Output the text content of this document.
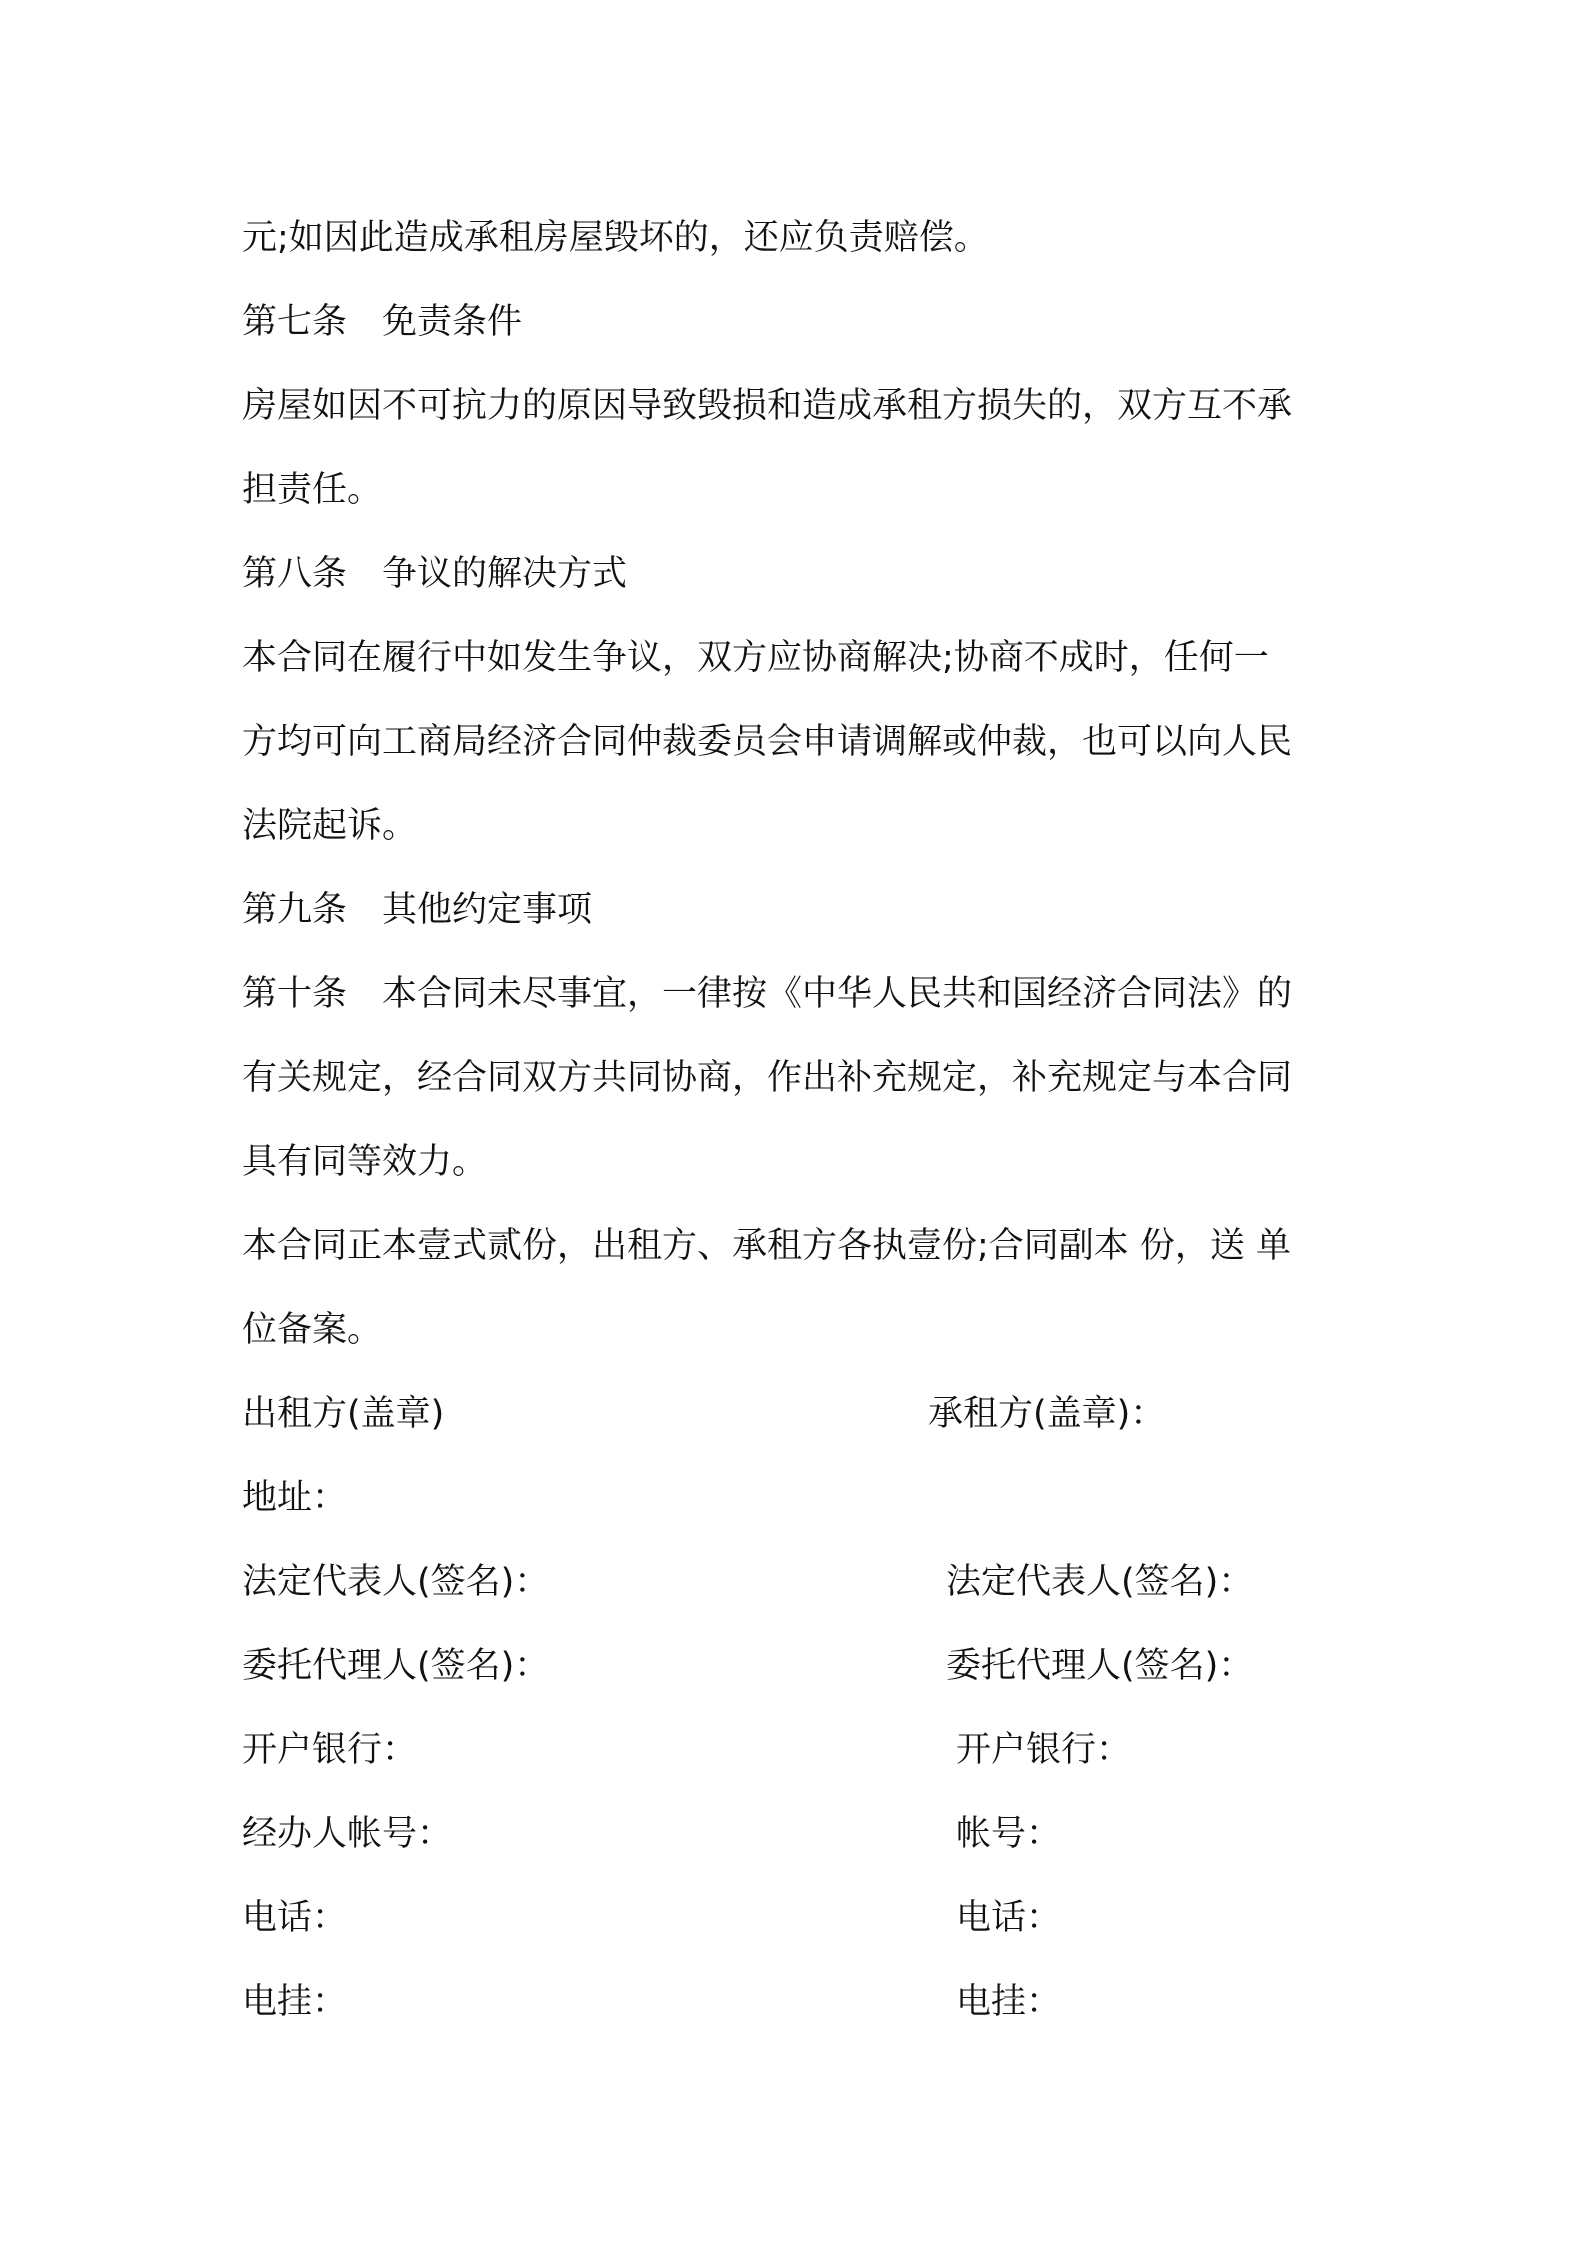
元;如因此造成承租房屋毁坏的，还应负责赔偿。
第七条　免责条件
房屋如因不可抗力的原因导致毁损和造成承租方损失的，双方互不承
担责任。
第八条　争议的解决方式
本合同在履行中如发生争议，双方应协商解决;协商不成时，任何一
方均可向工商局经济合同仲裁委员会申请调解或仲裁，也可以向人民
法院起诉。
第九条　其他约定事项
第十条　本合同未尽事宜，一律按《中华人民共和国经济合同法》的
有关规定，经合同双方共同协商，作出补充规定，补充规定与本合同
具有同等效力。
本合同正本壹式贰份，出租方、承租方各执壹份;合同副本 份，送 单
位备案。
出租方(盖章)	承租方(盖章)：
地址：
法定代表人(签名)：	法定代表人(签名)：
委托代理人(签名)：	委托代理人(签名)：
开户银行：	开户银行：
经办人帐号：	帐号：
电话：	电话：
电挂：	电挂：
